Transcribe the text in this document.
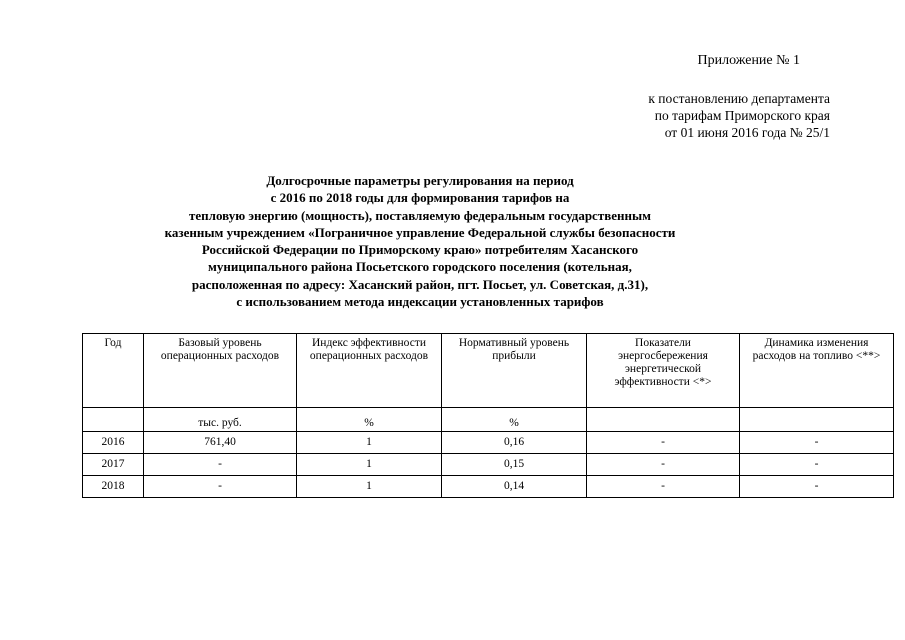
Приложение № 1
к постановлению департамента
по тарифам Приморского края
от 01 июня 2016 года № 25/1
Долгосрочные параметры регулирования на период
с 2016 по 2018 годы для формирования тарифов на
тепловую энергию (мощность), поставляемую федеральным государственным
казенным учреждением «Пограничное управление Федеральной службы безопасности
Российской Федерации по Приморскому краю» потребителям Хасанского
муниципального района Посьетского городского поселения (котельная,
расположенная по адресу: Хасанский район, пгт. Посьет, ул. Советская, д.31),
с использованием метода индексации установленных тарифов
Год	Базовый уровень операционных расходов	Индекс эффективности операционных расходов	Нормативный уровень прибыли	Показатели энергосбережения энергетической эффективности <*>	Динамика изменения расходов на топливо <**>
	тыс. руб.	%	%		
2016	761,40	1	0,16	-	-
2017	-	1	0,15	-	-
2018	-	1	0,14	-	-
